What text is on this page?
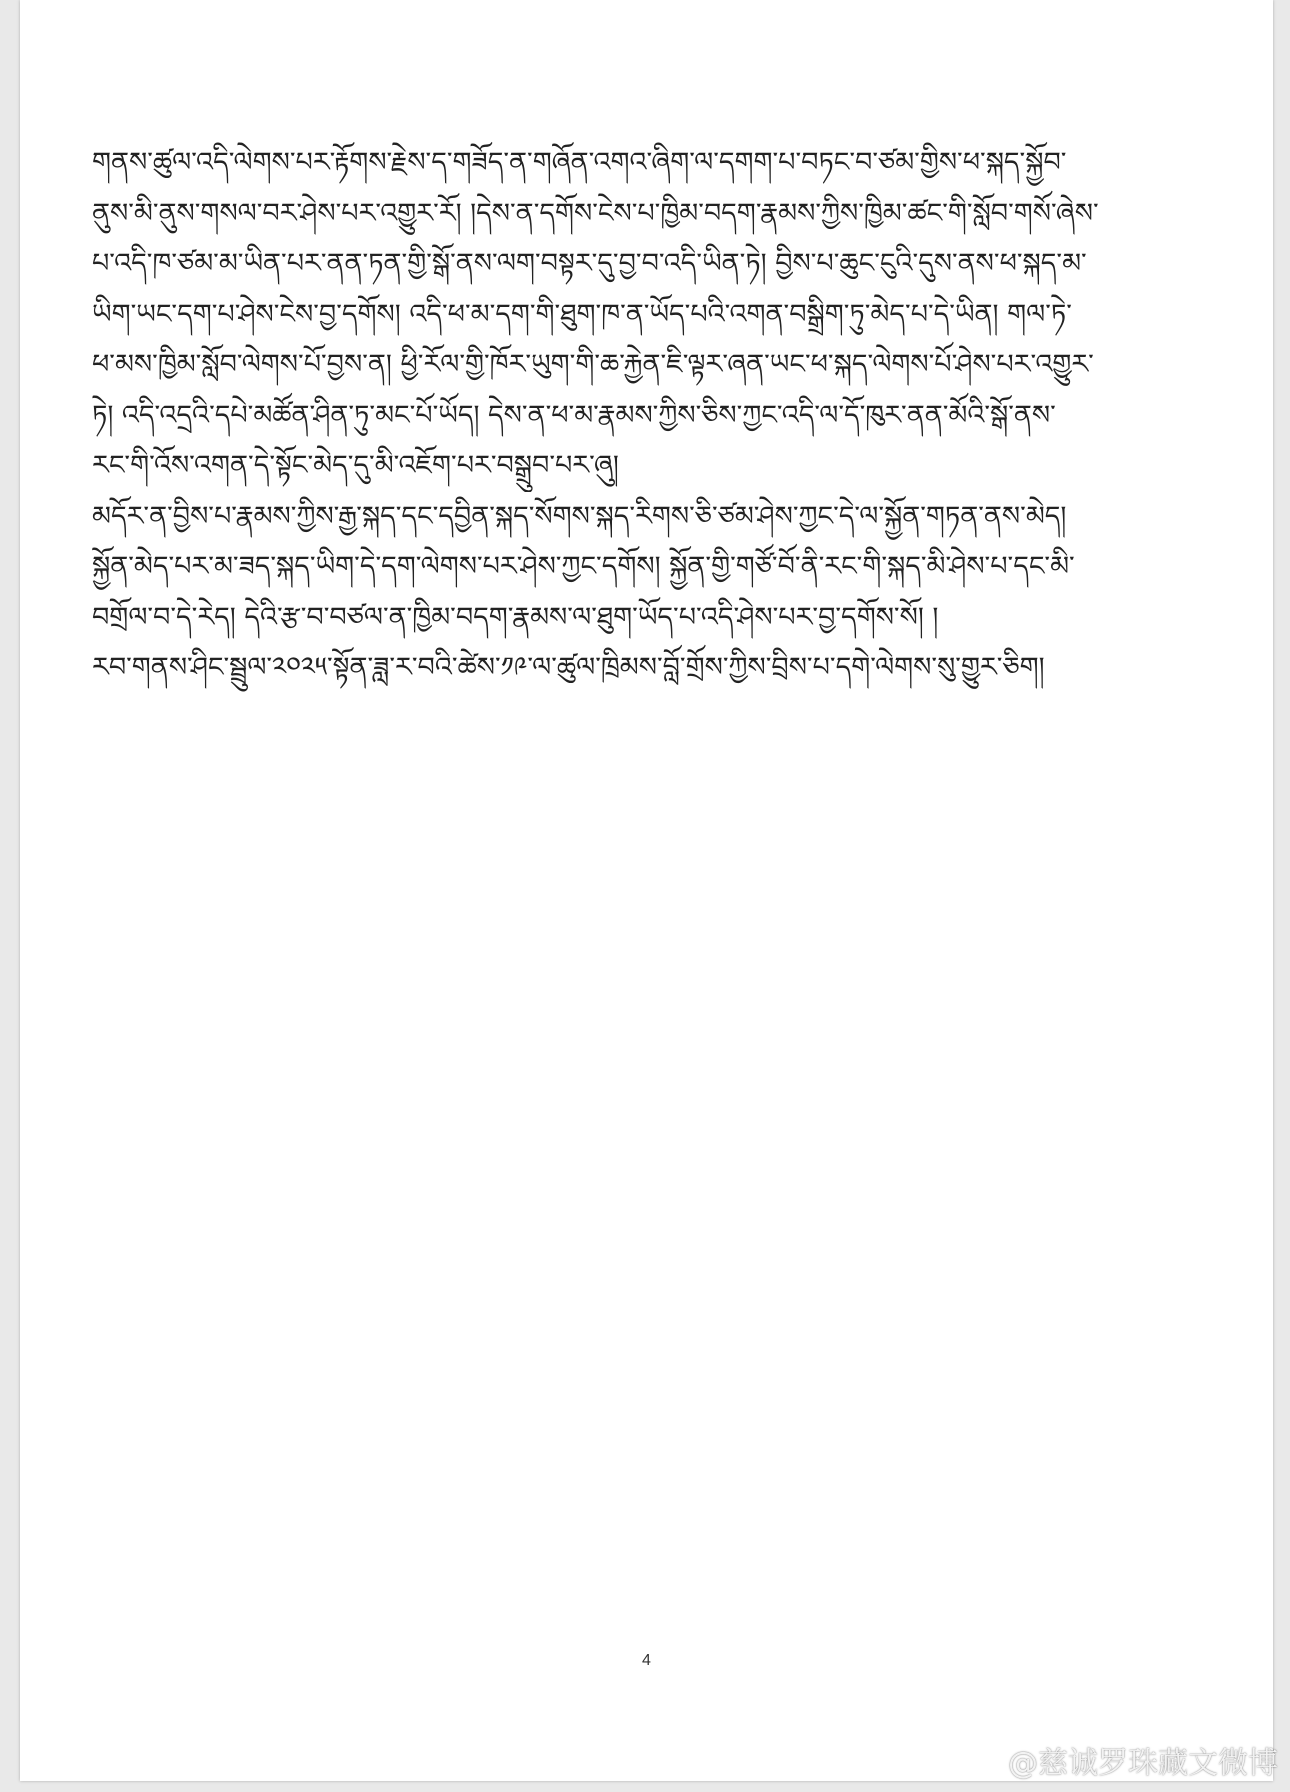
གནས་ཚུལ་འདི་ལེགས་པར་རྟོགས་རྗེས་ད་གཟོད་ན་གཞོན་འགའ་ཞིག་ལ་དགག་པ་བཏང་བ་ཙམ་གྱིས་ཕ་སྐད་སྐྱོབ་
ནུས་མི་ནུས་གསལ་བར་ཤེས་པར་འགྱུར་རོ། །དེས་ན་དགོས་ངེས་པ་ཁྱིམ་བདག་རྣམས་ཀྱིས་ཁྱིམ་ཚང་གི་སློབ་གསོ་ཞེས་
པ་འདི་ཁ་ཙམ་མ་ཡིན་པར་ནན་ཏན་གྱི་སྒོ་ནས་ལག་བསྟར་དུ་བྱ་བ་འདི་ཡིན་ཏེ། བྱིས་པ་ཆུང་ངུའི་དུས་ནས་ཕ་སྐད་མ་
ཡིག་ཡང་དག་པ་ཤེས་ངེས་བྱ་དགོས། འདི་ཕ་མ་དག་གི་ཐུག་ཁ་ན་ཡོད་པའི་འགན་བསྒྲིག་ཏུ་མེད་པ་དེ་ཡིན། གལ་ཏེ་
ཕ་མས་ཁྱིམ་སློབ་ལེགས་པོ་བྱས་ན། ཕྱི་རོལ་གྱི་ཁོར་ཡུག་གི་ཆ་རྐྱེན་ཇི་ལྟར་ཞན་ཡང་ཕ་སྐད་ལེགས་པོ་ཤེས་པར་འགྱུར་
ཏེ། འདི་འདྲའི་དཔེ་མཚོན་ཤིན་ཏུ་མང་པོ་ཡོད། དེས་ན་ཕ་མ་རྣམས་ཀྱིས་ཅིས་ཀྱང་འདི་ལ་དོ་ཁུར་ནན་མོའི་སྒོ་ནས་
རང་གི་འོས་འགན་དེ་སྟོང་མེད་དུ་མི་འཇོག་པར་བསྒྲུབ་པར་ཞུ།
མདོར་ན་བྱིས་པ་རྣམས་ཀྱིས་རྒྱ་སྐད་དང་དབྱིན་སྐད་སོགས་སྐད་རིགས་ཅི་ཙམ་ཤེས་ཀྱང་དེ་ལ་སྐྱོན་གཏན་ནས་མེད།
སྐྱོན་མེད་པར་མ་ཟད་སྐད་ཡིག་དེ་དག་ལེགས་པར་ཤེས་ཀྱང་དགོས། སྐྱོན་གྱི་གཙོ་བོ་ནི་རང་གི་སྐད་མི་ཤེས་པ་དང་མི་
བགྲོལ་བ་དེ་རེད། དེའི་རྩ་བ་བཙལ་ན་ཁྱིམ་བདག་རྣམས་ལ་ཐུག་ཡོད་པ་འདི་ཤེས་པར་བྱ་དགོས་སོ། །
རབ་གནས་ཤིང་སྦྲུལ་༢༠༢༥་སྟོན་ཟླ་ར་བའི་ཚེས་༡༩་ལ་ཚུལ་ཁྲིམས་བློ་གྲོས་ཀྱིས་བྲིས་པ་དགེ་ལེགས་སུ་གྱུར་ཅིག།
4
@慈诚罗珠藏文微博
